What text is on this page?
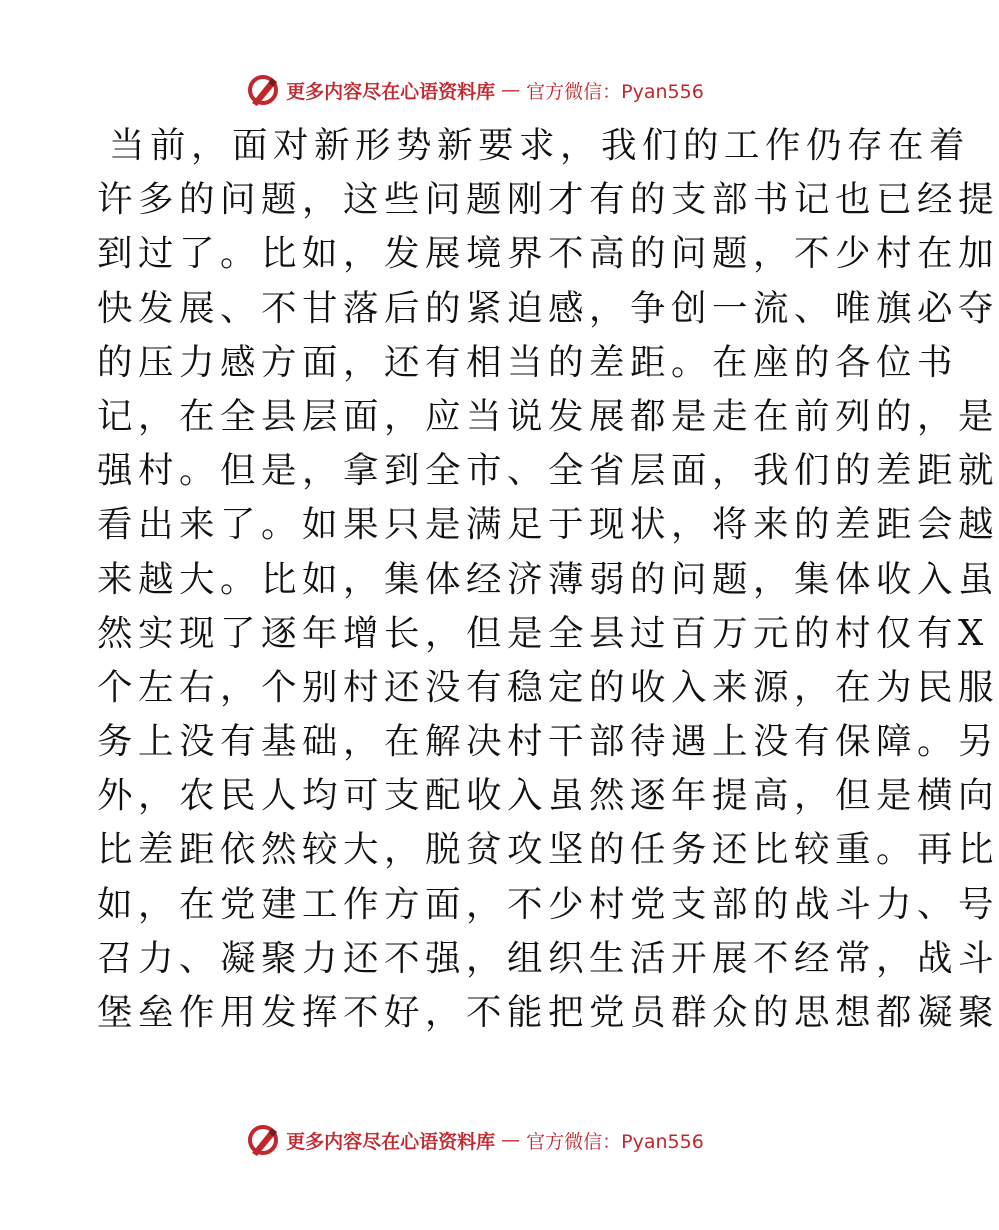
更多内容尽在心语资料库 — 官方微信：Pyan556
当前，面对新形势新要求，我们的工作仍存在着
许多的问题，这些问题刚才有的支部书记也已经提
到过了。比如，发展境界不高的问题，不少村在加
快发展、不甘落后的紧迫感，争创一流、唯旗必夺
的压力感方面，还有相当的差距。在座的各位书
记，在全县层面，应当说发展都是走在前列的，是
强村。但是，拿到全市、全省层面，我们的差距就
看出来了。如果只是满足于现状，将来的差距会越
来越大。比如，集体经济薄弱的问题，集体收入虽
然实现了逐年增长，但是全县过百万元的村仅有X
个左右，个别村还没有稳定的收入来源，在为民服
务上没有基础，在解决村干部待遇上没有保障。另
外，农民人均可支配收入虽然逐年提高，但是横向
比差距依然较大，脱贫攻坚的任务还比较重。再比
如，在党建工作方面，不少村党支部的战斗力、号
召力、凝聚力还不强，组织生活开展不经常，战斗
堡垒作用发挥不好，不能把党员群众的思想都凝聚
更多内容尽在心语资料库 — 官方微信：Pyan556
